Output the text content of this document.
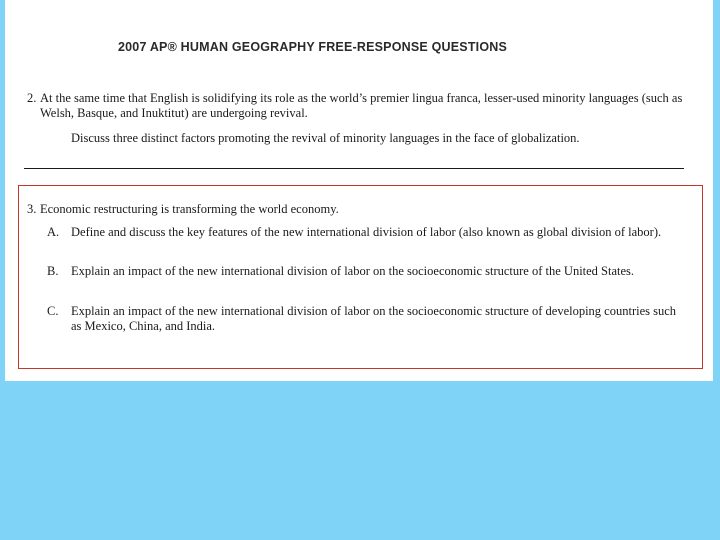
2007 AP® HUMAN GEOGRAPHY FREE-RESPONSE QUESTIONS
2. At the same time that English is solidifying its role as the world’s premier lingua franca, lesser-used minority languages (such as Welsh, Basque, and Inuktitut) are undergoing revival.
Discuss three distinct factors promoting the revival of minority languages in the face of globalization.
3. Economic restructuring is transforming the world economy.
A. Define and discuss the key features of the new international division of labor (also known as global division of labor).
B. Explain an impact of the new international division of labor on the socioeconomic structure of the United States.
C. Explain an impact of the new international division of labor on the socioeconomic structure of developing countries such as Mexico, China, and India.
